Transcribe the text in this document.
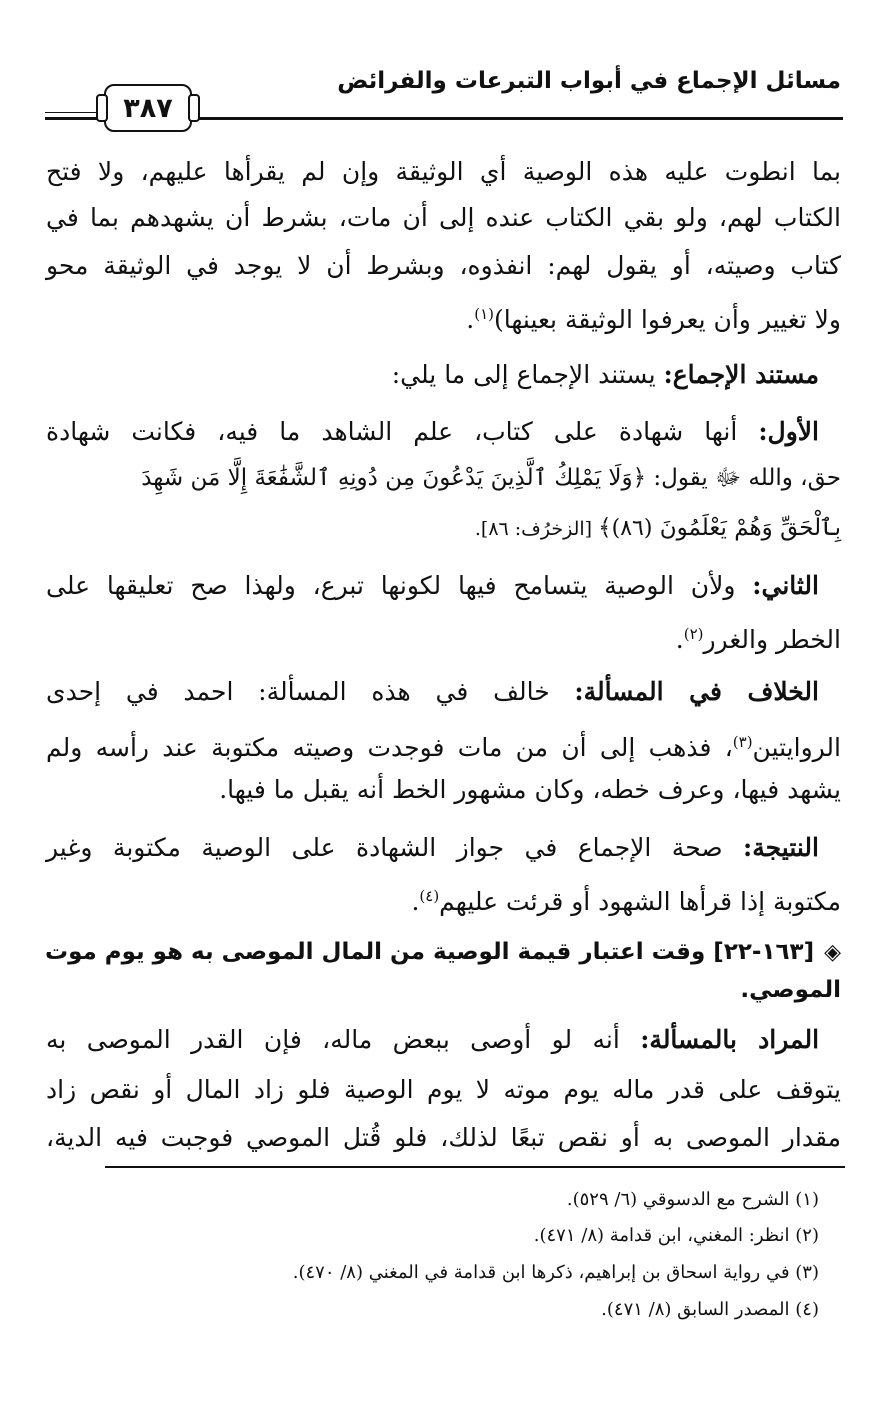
مسائل الإجماع في أبواب التبرعات والفرائض
٣٨٧
بما انطوت عليه هذه الوصية أي الوثيقة وإن لم يقرأها عليهم، ولا فتح
الكتاب لهم، ولو بقي الكتاب عنده إلى أن مات، بشرط أن يشهدهم بما في
كتاب وصيته، أو يقول لهم: انفذوه، وبشرط أن لا يوجد في الوثيقة محو
ولا تغيير وأن يعرفوا الوثيقة بعينها)$^{(١)}$.
مستند الإجماع: يستند الإجماع إلى ما يلي:
الأول: أنها شهادة على كتاب، علم الشاهد ما فيه، فكانت شهادة
حق، والله ﷻ يقول: ﴿وَلَا يَمْلِكُ ٱلَّذِينَ يَدْعُونَ مِن دُونِهِ ٱلشَّفَٰعَةَ إِلَّا مَن شَهِدَ
بِٱلْحَقِّ وَهُمْ يَعْلَمُونَ (٨٦)﴾ [الزخرُف: ٨٦].
الثاني: ولأن الوصية يتسامح فيها لكونها تبرع، ولهذا صح تعليقها على
الخطر والغرر$^{(٢)}$.
الخلاف في المسألة: خالف في هذه المسألة: احمد في إحدى
الروايتين$^{(٣)}$، فذهب إلى أن من مات فوجدت وصيته مكتوبة عند رأسه ولم
يشهد فيها، وعرف خطه، وكان مشهور الخط أنه يقبل ما فيها.
النتيجة: صحة الإجماع في جواز الشهادة على الوصية مكتوبة وغير
مكتوبة إذا قرأها الشهود أو قرئت عليهم$^{(٤)}$.
◈[١٦٣-٢٢] وقت اعتبار قيمة الوصية من المال الموصى به هو يوم موت
الموصي.
المراد بالمسألة: أنه لو أوصى ببعض ماله، فإن القدر الموصى به
يتوقف على قدر ماله يوم موته لا يوم الوصية فلو زاد المال أو نقص زاد
مقدار الموصى به أو نقص تبعًا لذلك، فلو قُتل الموصي فوجبت فيه الدية،
(١) الشرح مع الدسوقي (٦/ ٥٢٩).
(٢) انظر: المغني، ابن قدامة (٨/ ٤٧١).
(٣) في رواية اسحاق بن إبراهيم، ذكرها ابن قدامة في المغني (٨/ ٤٧٠).
(٤) المصدر السابق (٨/ ٤٧١).
